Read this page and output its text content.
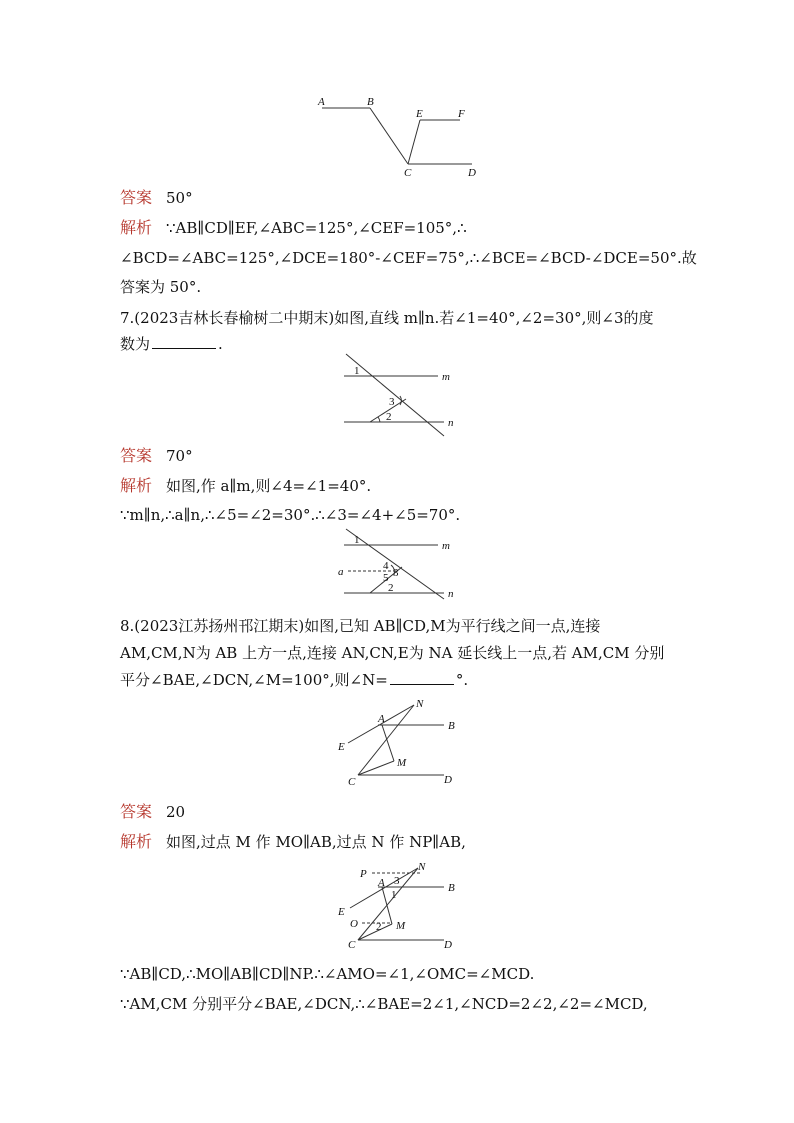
A	B
E	F
C	D
答案 50°
解析 ∵AB∥CD∥EF,∠ABC=125°,∠CEF=105°,∴
∠BCD=∠ABC=125°,∠DCE=180°-∠CEF=75°,∴∠BCE=∠BCD-∠DCE=50°.故
答案为 50°.
7.(2023吉林长春榆树二中期末)如图,直线 m∥n.若∠1=40°,∠2=30°,则∠3的度
数为	.
1
3
2
m
n
答案 70°
解析 如图,作 a∥m,则∠4=∠1=40°.
∵m∥n,∴a∥n,∴∠5=∠2=30°.∴∠3=∠4+∠5=70°.
1
4
3
5
2
a
m
n
8.(2023江苏扬州邗江期末)如图,已知 AB∥CD,M为平行线之间一点,连接
AM,CM,N为 AB 上方一点,连接 AN,CN,E为 NA 延长线上一点,若 AM,CM 分别
平分∠BAE,∠DCN,∠M=100°,则∠N=	°.
A
B
N
E
M
C	D
答案 20
解析 如图,过点 M 作 MO∥AB,过点 N 作 NP∥AB,
P
A 3
1
B
N
E
O 2 M
C	D
∵AB∥CD,∴MO∥AB∥CD∥NP.∴∠AMO=∠1,∠OMC=∠MCD.
∵AM,CM 分别平分∠BAE,∠DCN,∴∠BAE=2∠1,∠NCD=2∠2,∠2=∠MCD,
